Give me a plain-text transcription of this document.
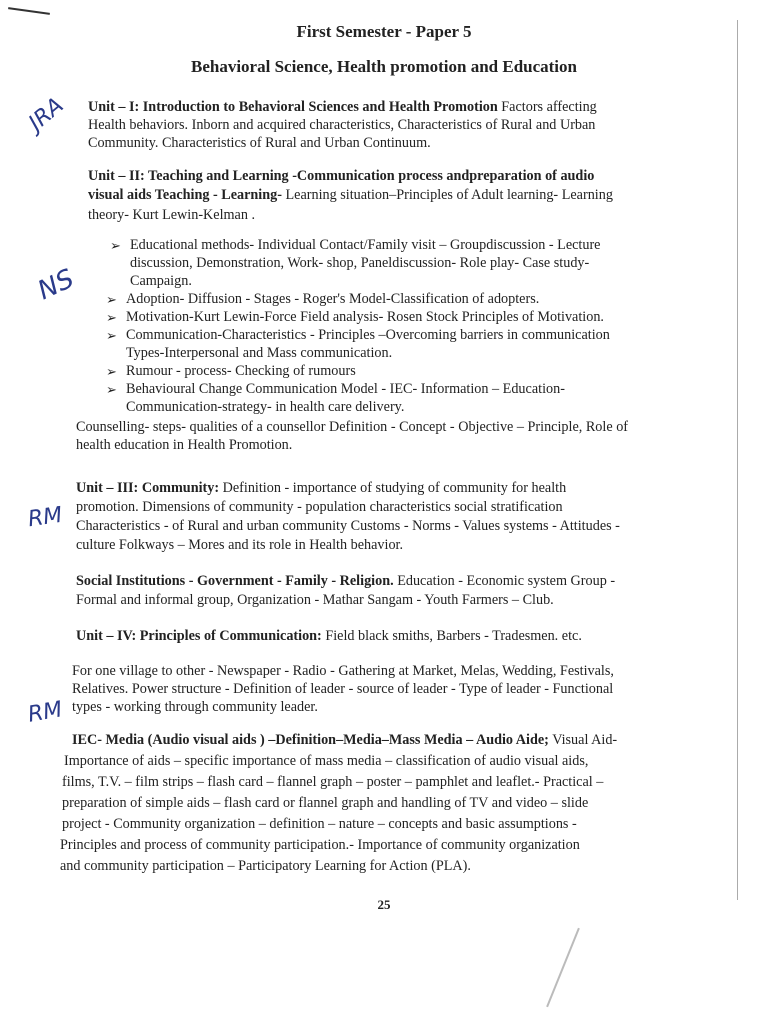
First Semester - Paper 5
Behavioral Science, Health promotion and Education
JRA
NS
RM
RM
Unit – I: Introduction to Behavioral Sciences and Health Promotion Factors affecting
Health behaviors. Inborn and acquired characteristics, Characteristics of Rural and Urban
Community. Characteristics of Rural and Urban Continuum.
Unit – II: Teaching and Learning -Communication process andpreparation of audio
visual aids Teaching - Learning- Learning situation–Principles of Adult learning- Learning
theory- Kurt Lewin-Kelman .
➢ Educational methods- Individual Contact/Family visit – Groupdiscussion - Lecture
discussion, Demonstration, Work- shop, Paneldiscussion- Role play- Case study-
Campaign.
➢ Adoption- Diffusion - Stages - Roger's Model-Classification of adopters.
➢ Motivation-Kurt Lewin-Force Field analysis- Rosen Stock Principles of Motivation.
➢ Communication-Characteristics - Principles –Overcoming barriers in communication
Types-Interpersonal and Mass communication.
➢ Rumour - process- Checking of rumours
➢ Behavioural Change Communication Model - IEC- Information – Education-
Communication-strategy- in health care delivery.
Counselling- steps- qualities of a counsellor Definition - Concept - Objective – Principle, Role of
health education in Health Promotion.
Unit – III: Community: Definition - importance of studying of community for health
promotion. Dimensions of community - population characteristics social stratification
Characteristics - of Rural and urban community Customs - Norms - Values systems - Attitudes -
culture Folkways – Mores and its role in Health behavior.
Social Institutions - Government - Family - Religion. Education - Economic system Group -
Formal and informal group, Organization - Mathar Sangam - Youth Farmers – Club.
Unit – IV: Principles of Communication: Field black smiths, Barbers - Tradesmen. etc.
For one village to other - Newspaper - Radio - Gathering at Market, Melas, Wedding, Festivals,
Relatives. Power structure - Definition of leader - source of leader - Type of leader - Functional
types - working through community leader.
IEC- Media (Audio visual aids ) –Definition–Media–Mass Media – Audio Aide; Visual Aid-
Importance of aids – specific importance of mass media – classification of audio visual aids,
films, T.V. – film strips – flash card – flannel graph – poster – pamphlet and leaflet.- Practical –
preparation of simple aids – flash card or flannel graph and handling of TV and video – slide
project - Community organization – definition – nature – concepts and basic assumptions -
Principles and process of community participation.- Importance of community organization
and community participation – Participatory Learning for Action (PLA).
25
